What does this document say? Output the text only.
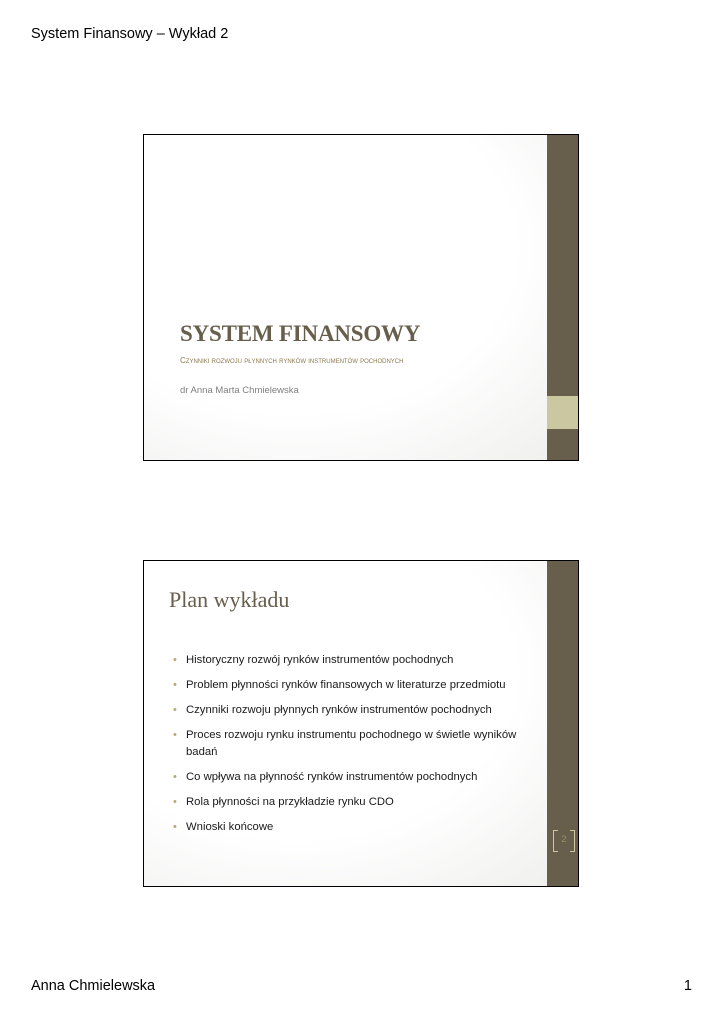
System Finansowy – Wykład 2
SYSTEM FINANSOWY
Czynniki rozwoju płynnych rynków instrumentów pochodnych
dr Anna Marta Chmielewska
Plan wykładu
• Historyczny rozwój rynków instrumentów pochodnych
• Problem płynności rynków finansowych w literaturze przedmiotu
• Czynniki rozwoju płynnych rynków instrumentów pochodnych
• Proces rozwoju rynku instrumentu pochodnego w świetle wyników badań
• Co wpływa na płynność rynków instrumentów pochodnych
• Rola płynności na przykładzie rynku CDO
• Wnioski końcowe
2
Anna Chmielewska	1
